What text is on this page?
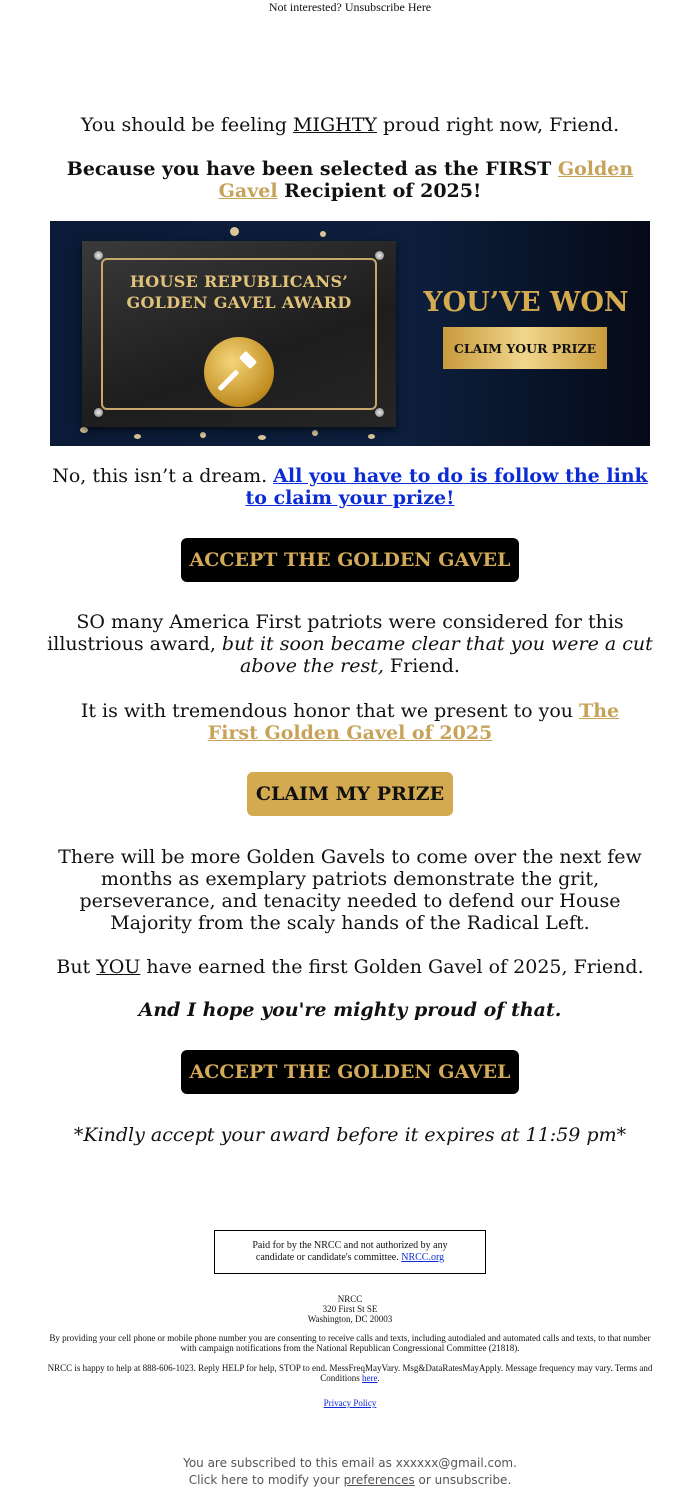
Not interested? Unsubscribe Here
You should be feeling MIGHTY proud right now, Friend.
Because you have been selected as the FIRST Golden Gavel Recipient of 2025!
HOUSE REPUBLICANS’
GOLDEN GAVEL AWARD	YOU’VE WON
CLAIM YOUR PRIZE
No, this isn’t a dream. All you have to do is follow the link to claim your prize!
ACCEPT THE GOLDEN GAVEL
SO many America First patriots were considered for this illustrious award, but it soon became clear that you were a cut above the rest, Friend.
It is with tremendous honor that we present to you The First Golden Gavel of 2025
CLAIM MY PRIZE
There will be more Golden Gavels to come over the next few months as exemplary patriots demonstrate the grit, perseverance, and tenacity needed to defend our House Majority from the scaly hands of the Radical Left.
But YOU have earned the first Golden Gavel of 2025, Friend.
And I hope you're mighty proud of that.
ACCEPT THE GOLDEN GAVEL
*Kindly accept your award before it expires at 11:59 pm*
Paid for by the NRCC and not authorized by any candidate or candidate's committee. NRCC.org
NRCC
320 First St SE
Washington, DC 20003
By providing your cell phone or mobile phone number you are consenting to receive calls and texts, including autodialed and automated calls and texts, to that number with campaign notifications from the National Republican Congressional Committee (21818).
NRCC is happy to help at 888-606-1023. Reply HELP for help, STOP to end. MessFreqMayVary. Msg&DataRatesMayApply. Message frequency may vary. Terms and Conditions here.
Privacy Policy
You are subscribed to this email as xxxxxx@gmail.com.
Click here to modify your preferences or unsubscribe.
